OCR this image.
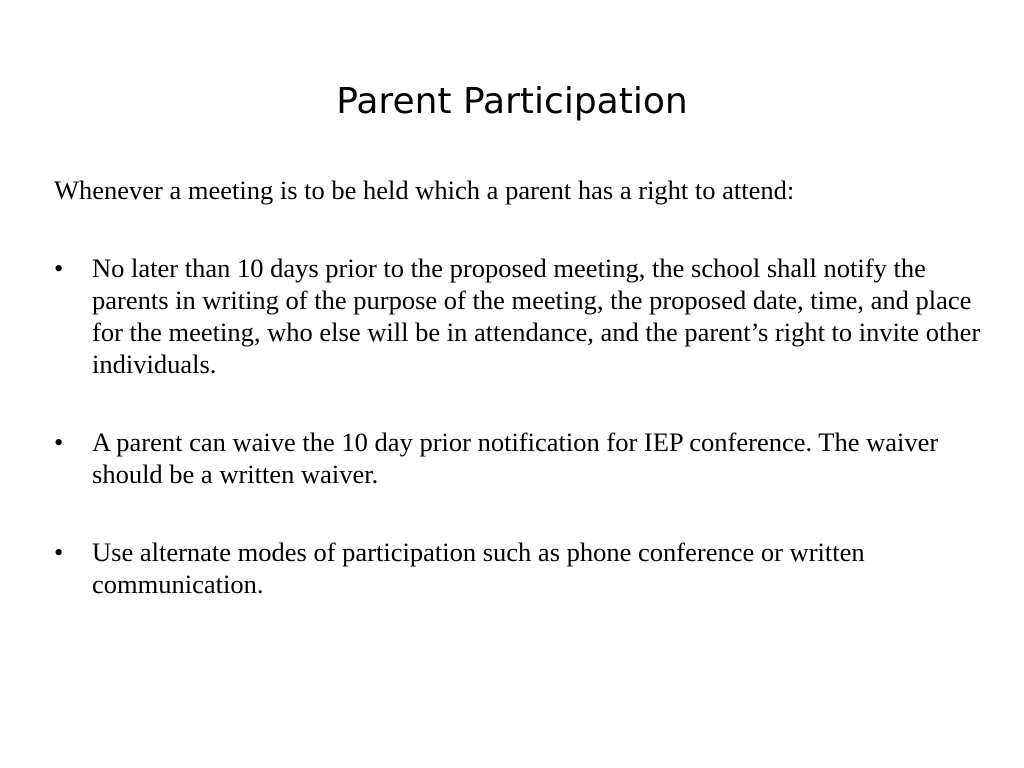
Parent Participation

Whenever a meeting is to be held which a parent has a right to attend:

• No later than 10 days prior to the proposed meeting, the school shall notify the parents in writing of the purpose of the meeting, the proposed date, time, and place for the meeting, who else will be in attendance, and the parent’s right to invite other individuals.
• A parent can waive the 10 day prior notification for IEP conference. The waiver should be a written waiver.
• Use alternate modes of participation such as phone conference or written communication.
